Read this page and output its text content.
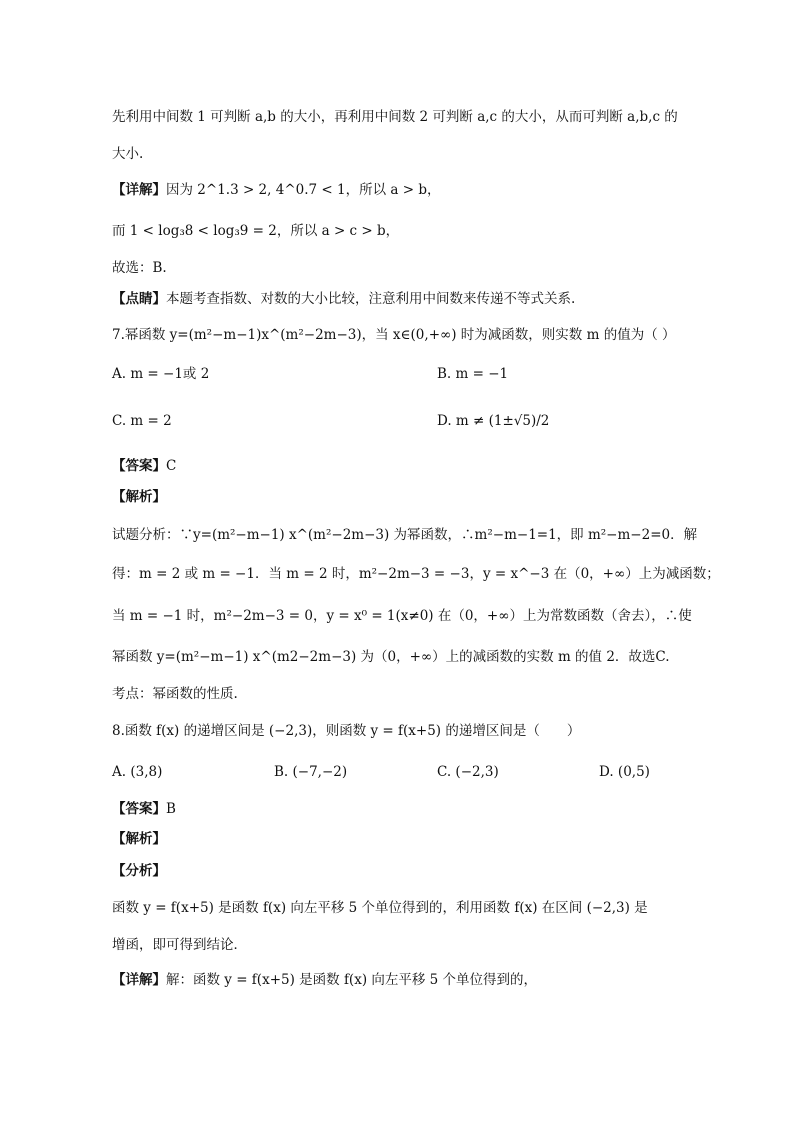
先利用中间数 1 可判断 a,b 的大小，再利用中间数 2 可判断 a,c 的大小，从而可判断 a,b,c 的
大小.
【详解】因为 2^1.3 > 2, 4^0.7 < 1，所以 a > b，
而 1 < log₃8 < log₃9 = 2，所以 a > c > b，
故选：B.
【点睛】本题考查指数、对数的大小比较，注意利用中间数来传递不等式关系.
7.幂函数 y=(m²−m−1)x^(m²−2m−3)，当 x∈(0,+∞) 时为减函数，则实数 m 的值为（ ）
A. m = −1或 2	B. m = −1
C. m = 2	D. m ≠ (1±√5)/2
【答案】C
【解析】
试题分析：∵y=(m²−m−1) x^(m²−2m−3) 为幂函数，∴m²−m−1=1，即 m²−m−2=0．解
得：m = 2 或 m = −1．当 m = 2 时，m²−2m−3 = −3，y = x^−3 在（0，+∞）上为减函数；
当 m = −1 时，m²−2m−3 = 0，y = x⁰ = 1(x≠0) 在（0，+∞）上为常数函数（舍去），∴使
幂函数 y=(m²−m−1) x^(m2−2m−3) 为（0，+∞）上的减函数的实数 m 的值 2．故选C.
考点：幂函数的性质.
8.函数 f(x) 的递增区间是 (−2,3)，则函数 y = f(x+5) 的递增区间是（　　）
A. (3,8)	B. (−7,−2)	C. (−2,3)	D. (0,5)
【答案】B
【解析】
【分析】
函数 y = f(x+5) 是函数 f(x) 向左平移 5 个单位得到的，利用函数 f(x) 在区间 (−2,3) 是
增函，即可得到结论．
【详解】解：函数 y = f(x+5) 是函数 f(x) 向左平移 5 个单位得到的，
